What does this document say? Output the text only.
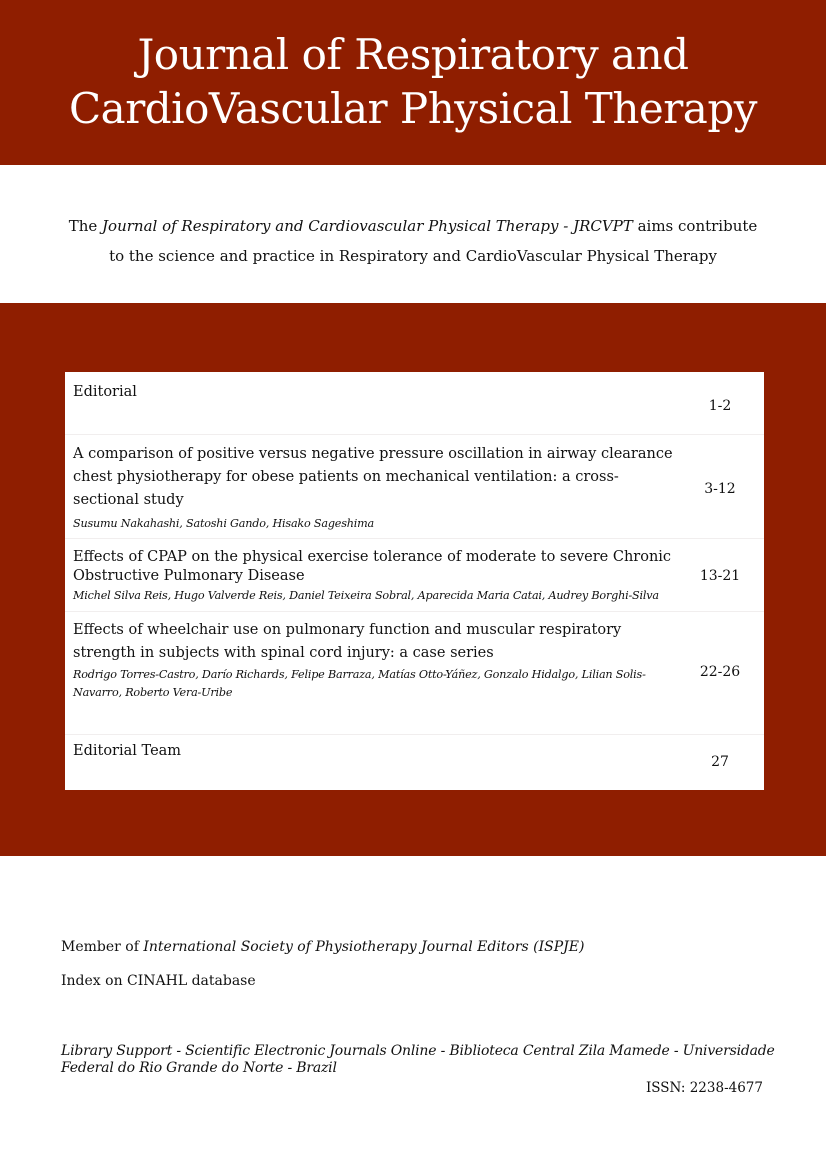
Journal of Respiratory and
CardioVascular Physical Therapy
The Journal of Respiratory and Cardiovascular Physical Therapy - JRCVPT aims contribute
to the science and practice in Respiratory and CardioVascular Physical Therapy
Editorial
1-2
A comparison of positive versus negative pressure oscillation in airway clearance chest physiotherapy for obese patients on mechanical ventilation: a cross-sectional study
Susumu Nakahashi, Satoshi Gando, Hisako Sageshima
3-12
Effects of CPAP on the physical exercise tolerance of moderate to severe Chronic Obstructive Pulmonary Disease
Michel Silva Reis, Hugo Valverde Reis, Daniel Teixeira Sobral, Aparecida Maria Catai, Audrey Borghi-Silva
13-21
Effects of wheelchair use on pulmonary function and muscular respiratory strength in subjects with spinal cord injury: a case series
Rodrigo Torres-Castro, Darío Richards, Felipe Barraza, Matías Otto-Yáñez, Gonzalo Hidalgo, Lilian Solis-Navarro, Roberto Vera-Uribe
22-26
Editorial Team
27
Member of International Society of Physiotherapy Journal Editors (ISPJE)
Index on CINAHL database
Library Support - Scientific Electronic Journals Online - Biblioteca Central Zila Mamede - Universidade Federal do Rio Grande do Norte - Brazil
ISSN: 2238-4677
